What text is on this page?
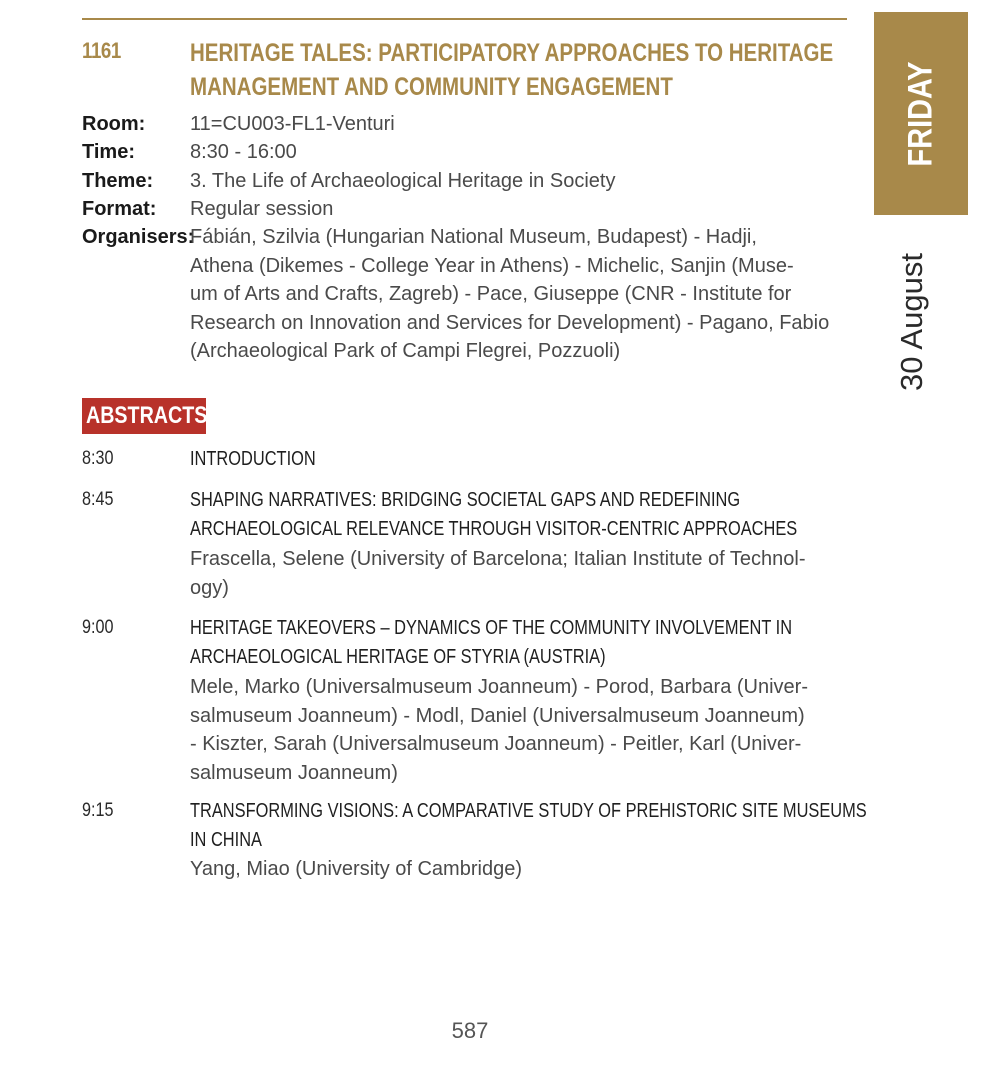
1161	HERITAGE TALES: PARTICIPATORY APPROACHES TO HERITAGE
MANAGEMENT AND COMMUNITY ENGAGEMENT
Room: 11=CU003-FL1-Venturi
Time:	8:30 - 16:00
Theme: 3. The Life of Archaeological Heritage in Society
Format: Regular session
Organisers:
Fábián, Szilvia (Hungarian National Museum, Budapest) - Hadji,
Athena (Dikemes - College Year in Athens) - Michelic, Sanjin (Muse-
um of Arts and Crafts, Zagreb) - Pace, Giuseppe (CNR - Institute for
Research on Innovation and Services for Development) - Pagano, Fabio
(Archaeological Park of Campi Flegrei, Pozzuoli)
ABSTRACTS
8:30	INTRODUCTION
8:45	SHAPING NARRATIVES: BRIDGING SOCIETAL GAPS AND REDEFINING
ARCHAEOLOGICAL RELEVANCE THROUGH VISITOR-CENTRIC APPROACHES
Frascella, Selene (University of Barcelona; Italian Institute of Technol-
ogy)
9:00	HERITAGE TAKEOVERS – DYNAMICS OF THE COMMUNITY INVOLVEMENT IN
ARCHAEOLOGICAL HERITAGE OF STYRIA (AUSTRIA)
Mele, Marko (Universalmuseum Joanneum) - Porod, Barbara (Univer-
salmuseum Joanneum) - Modl, Daniel (Universalmuseum Joanneum)
- Kiszter, Sarah (Universalmuseum Joanneum) - Peitler, Karl (Univer-
salmuseum Joanneum)
9:15	TRANSFORMING VISIONS: A COMPARATIVE STUDY OF PREHISTORIC SITE MUSEUMS
IN CHINA
Yang, Miao (University of Cambridge)
FRIDAY
30 August
587
